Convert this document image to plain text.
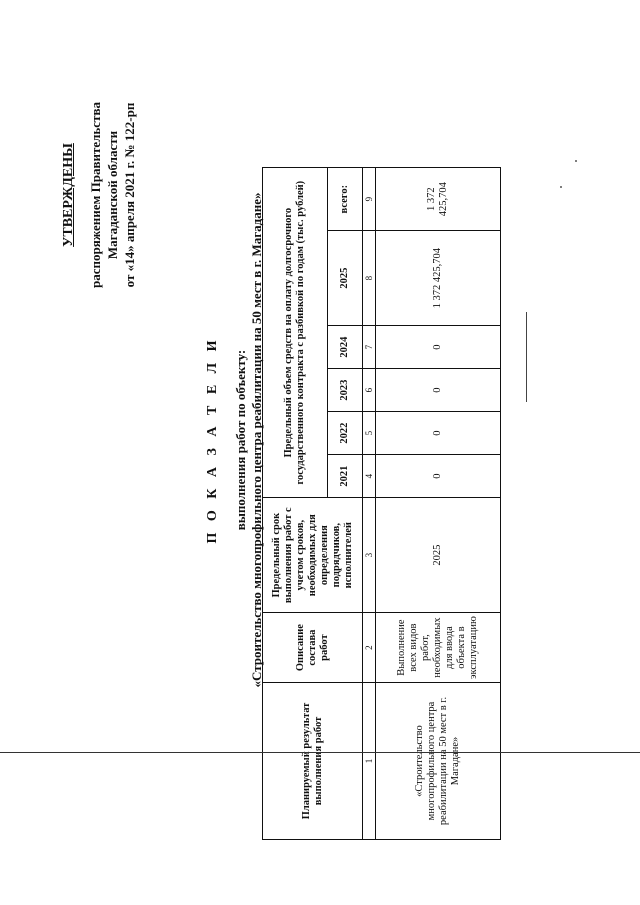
УТВЕРЖДЕНЫ распоряжением Правительства Магаданской области от «14» апреля 2021 г. № 122-рп
П О К А З А Т Е Л И выполнения работ по объекту: «Строительство многопрофильного центра реабилитации на 50 мест в г. Магадане»
Планируемый результат выполнения работ	Описание состава работ	Предельный срок выполнения работ с учетом сроков, необходимых для определения подрядчиков, исполнителей	Предельный объем средств на оплату долгосрочного государственного контракта с разбивкой по годам (тыс. рублей)					
			2021	2022	2023	2024	2025	всего:
1	2	3	4	5	6	7	8	9
«Строительство многопрофильного центра реабилитации на 50 мест в г. Магадане»	Выполнение всех видов работ, необходимых для ввода объекта в эксплуатацию	2025	0	0	0	0	1 372 425,704	1 372 425,704
